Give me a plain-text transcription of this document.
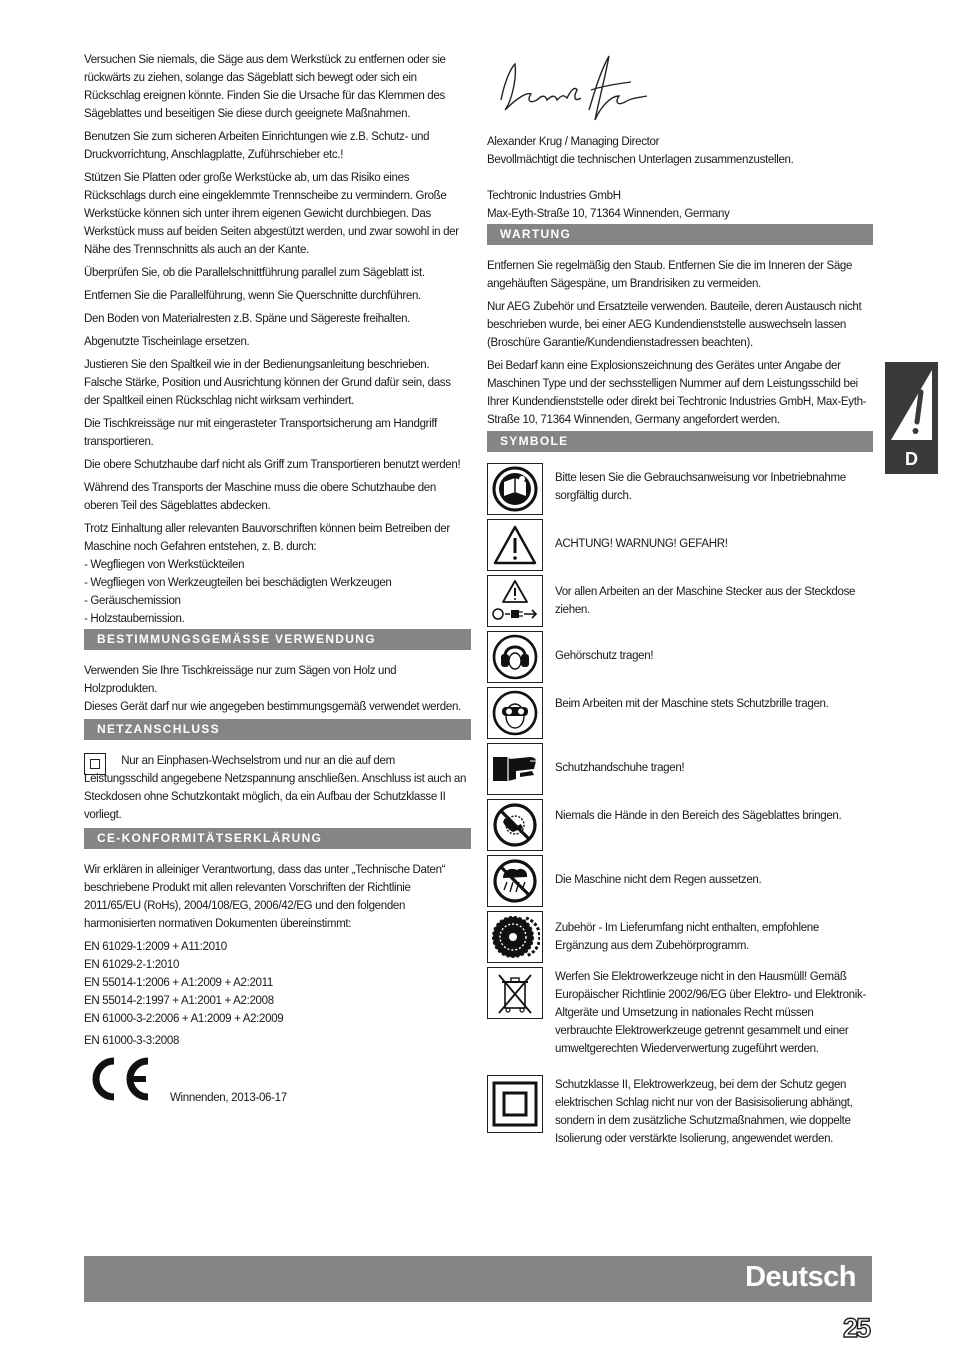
Versuchen Sie niemals, die Säge aus dem Werkstück zu entfernen oder sie rückwärts zu ziehen, solange das Sägeblatt sich bewegt oder sich ein Rückschlag ereignen könnte. Finden Sie die Ursache für das Klemmen des Sägeblattes und beseitigen Sie diese durch geeignete Maßnahmen.

Benutzen Sie zum sicheren Arbeiten Einrichtungen wie z.B. Schutz- und Druckvorrichtung, Anschlagplatte, Zuführschieber etc.!

Stützen Sie Platten oder große Werkstücke ab, um das Risiko eines Rückschlags durch eine eingeklemmte Trennscheibe zu vermindern. Große Werkstücke können sich unter ihrem eigenen Gewicht durchbiegen. Das Werkstück muss auf beiden Seiten abgestützt werden, und zwar sowohl in der Nähe des Trennschnitts als auch an der Kante.

Überprüfen Sie, ob die Parallelschnittführung parallel zum Sägeblatt ist.

Entfernen Sie die Parallelführung, wenn Sie Querschnitte durchführen.

Den Boden von Materialresten z.B. Späne und Sägereste freihalten.

Abgenutzte Tischeinlage ersetzen.

Justieren Sie den Spaltkeil wie in der Bedienungsanleitung beschrieben. Falsche Stärke, Position und Ausrichtung können der Grund dafür sein, dass der Spaltkeil einen Rückschlag nicht wirksam verhindert.

Die Tischkreissäge nur mit eingerasteter Transportsicherung am Handgriff transportieren.

Die obere Schutzhaube darf nicht als Griff zum Transportieren benutzt werden!

Während des Transports der Maschine muss die obere Schutzhaube den oberen Teil des Sägeblattes abdecken.

Trotz Einhaltung aller relevanten Bauvorschriften können beim Betreiben der Maschine noch Gefahren entstehen, z. B. durch:
- Wegfliegen von Werkstückteilen
- Wegfliegen von Werkzeugteilen bei beschädigten Werkzeugen
- Geräuschemission
- Holzstaubemission.
BESTIMMUNGSGEMÄSSE VERWENDUNG
Verwenden Sie Ihre Tischkreissäge nur zum Sägen von Holz und Holzprodukten.
Dieses Gerät darf nur wie angegeben bestimmungsgemäß verwendet werden.
NETZANSCHLUSS

Nur an Einphasen-Wechselstrom und nur an die auf dem Leistungsschild angegebene Netzspannung anschließen. Anschluss ist auch an Steckdosen ohne Schutzkontakt möglich, da ein Aufbau der Schutzklasse II vorliegt.

CE-KONFORMITÄTSERKLÄRUNG

Wir erklären in alleiniger Verantwortung, dass das unter „Technische Daten“ beschriebene Produkt mit allen relevanten Vorschriften der Richtlinie 2011/65/EU (RoHs), 2004/108/EG, 2006/42/EG und den folgenden harmonisierten normativen Dokumenten übereinstimmt:

EN 61029-1:2009 + A11:2010
EN 61029-2-1:2010
EN 55014-1:2006 + A1:2009 + A2:2011
EN 55014-2:1997 + A1:2001 + A2:2008
EN 61000-3-2:2006 + A1:2009 + A2:2009
EN 61000-3-3:2008
Winnenden, 2013-06-17
Alexander Krug / Managing Director
Bevollmächtigt die technischen Unterlagen zusammenzustellen.
Techtronic Industries GmbH
Max-Eyth-Straße 10, 71364 Winnenden, Germany
WARTUNG

Entfernen Sie regelmäßig den Staub. Entfernen Sie die im Inneren der Säge angehäuften Sägespäne, um Brandrisiken zu vermeiden.

Nur AEG Zubehör und Ersatzteile verwenden. Bauteile, deren Austausch nicht beschrieben wurde, bei einer AEG Kundendienststelle auswechseln lassen (Broschüre Garantie/Kundendienstadressen beachten).

Bei Bedarf kann eine Explosionszeichnung des Gerätes unter Angabe der Maschinen Type und der sechsstelligen Nummer auf dem Leistungsschild bei Ihrer Kundendienststelle oder direkt bei Techtronic Industries GmbH, Max-Eyth-Straße 10, 71364 Winnenden, Germany angefordert werden.

SYMBOLE

Bitte lesen Sie die Gebrauchsanweisung vor Inbetriebnahme sorgfältig durch.

ACHTUNG! WARNUNG! GEFAHR!

Vor allen Arbeiten an der Maschine Stecker aus der Steckdose ziehen.

Gehörschutz tragen!

Beim Arbeiten mit der Maschine stets Schutzbrille tragen.

Schutzhandschuhe tragen!

Niemals die Hände in den Bereich des Sägeblattes bringen.

Die Maschine nicht dem Regen aussetzen.

Zubehör - Im Lieferumfang nicht enthalten, empfohlene Ergänzung aus dem Zubehörprogramm.

Werfen Sie Elektrowerkzeuge nicht in den Hausmüll! Gemäß Europäischer Richtlinie 2002/96/EG über Elektro- und Elektronik- Altgeräte und Umsetzung in nationales Recht müssen verbrauchte Elektrowerkzeuge getrennt gesammelt und einer umweltgerechten Wiederverwertung zugeführt werden.

Schutzklasse II, Elektrowerkzeug, bei dem der Schutz gegen elektrischen Schlag nicht nur von der Basisisolierung abhängt, sondern in dem zusätzliche Schutzmaßnahmen, wie doppelte Isolierung oder verstärkte Isolierung, angewendet werden.

D
Deutsch
25
